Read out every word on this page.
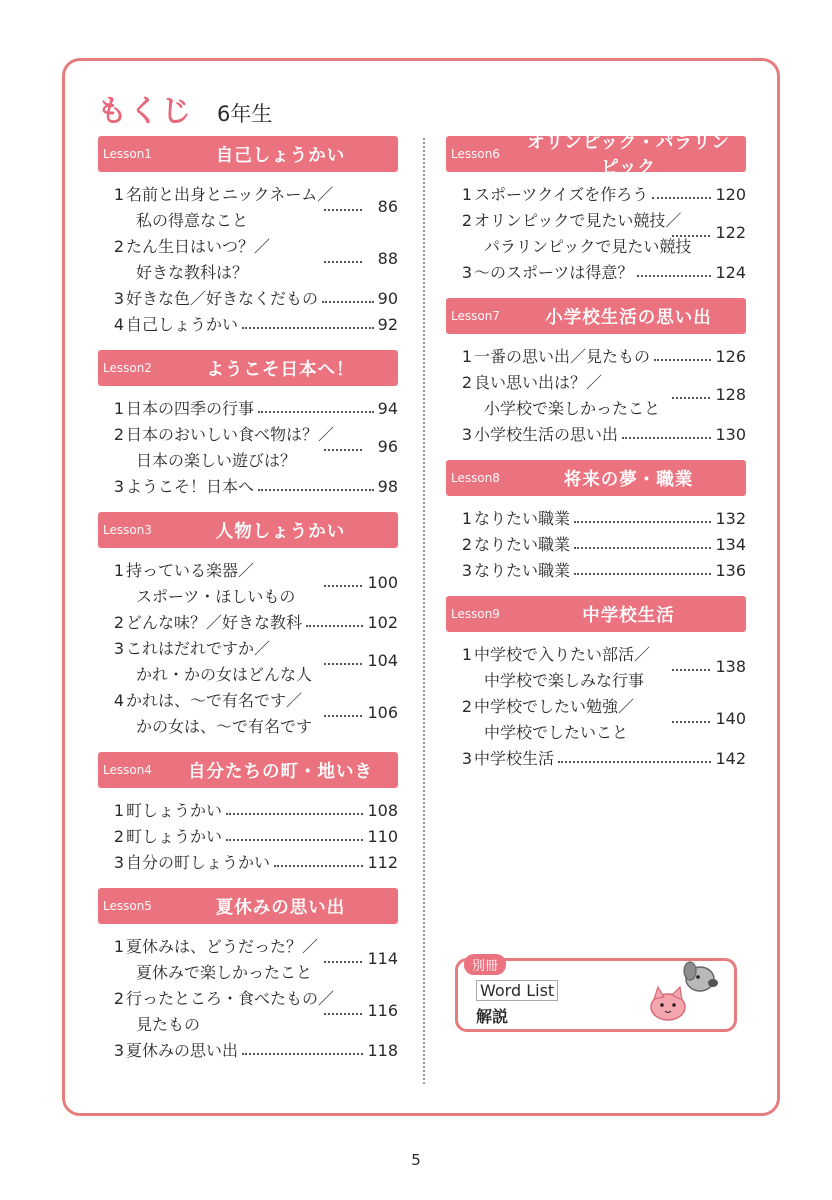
もくじ 6年生
Lesson1	自己しょうかい
1 名前と出身とニックネーム／
私の得意なこと
86
2 たん生日はいつ？／
好きな教科は？
88
3 好きな色／好きなくだもの	90
4 自己しょうかい	92
Lesson2	ようこそ日本へ！
1 日本の四季の行事	94
2 日本のおいしい食べ物は？／
日本の楽しい遊びは？
96
3 ようこそ！日本へ	98
Lesson3	人物しょうかい
1 持っている楽器／
スポーツ・ほしいもの
100
2 どんな味？／好きな教科	102
3 これはだれですか／
かれ・かの女はどんな人
104
4 かれは、～で有名です／
かの女は、～で有名です
106
Lesson4	自分たちの町・地いき
1 町しょうかい	108
2 町しょうかい	110
3 自分の町しょうかい	112
Lesson5	夏休みの思い出
1 夏休みは、どうだった？／
夏休みで楽しかったこと
114
2 行ったところ・食べたもの／
見たもの
116
3 夏休みの思い出	118
Lesson6
オリンピック・パラリンピック
1 スポーツクイズを作ろう	120
2 オリンピックで見たい競技／
パラリンピックで見たい競技
122
3 ～のスポーツは得意？	124
Lesson7	小学校生活の思い出
1 一番の思い出／見たもの	126
2 良い思い出は？／
小学校で楽しかったこと
128
3 小学校生活の思い出	130
Lesson8	将来の夢・職業
1 なりたい職業	132
2 なりたい職業	134
3 なりたい職業	136
Lesson9	中学校生活
1 中学校で入りたい部活／
中学校で楽しみな行事
138
2 中学校でしたい勉強／
中学校でしたいこと
140
3 中学校生活	142
別冊
Word List
解説
5
